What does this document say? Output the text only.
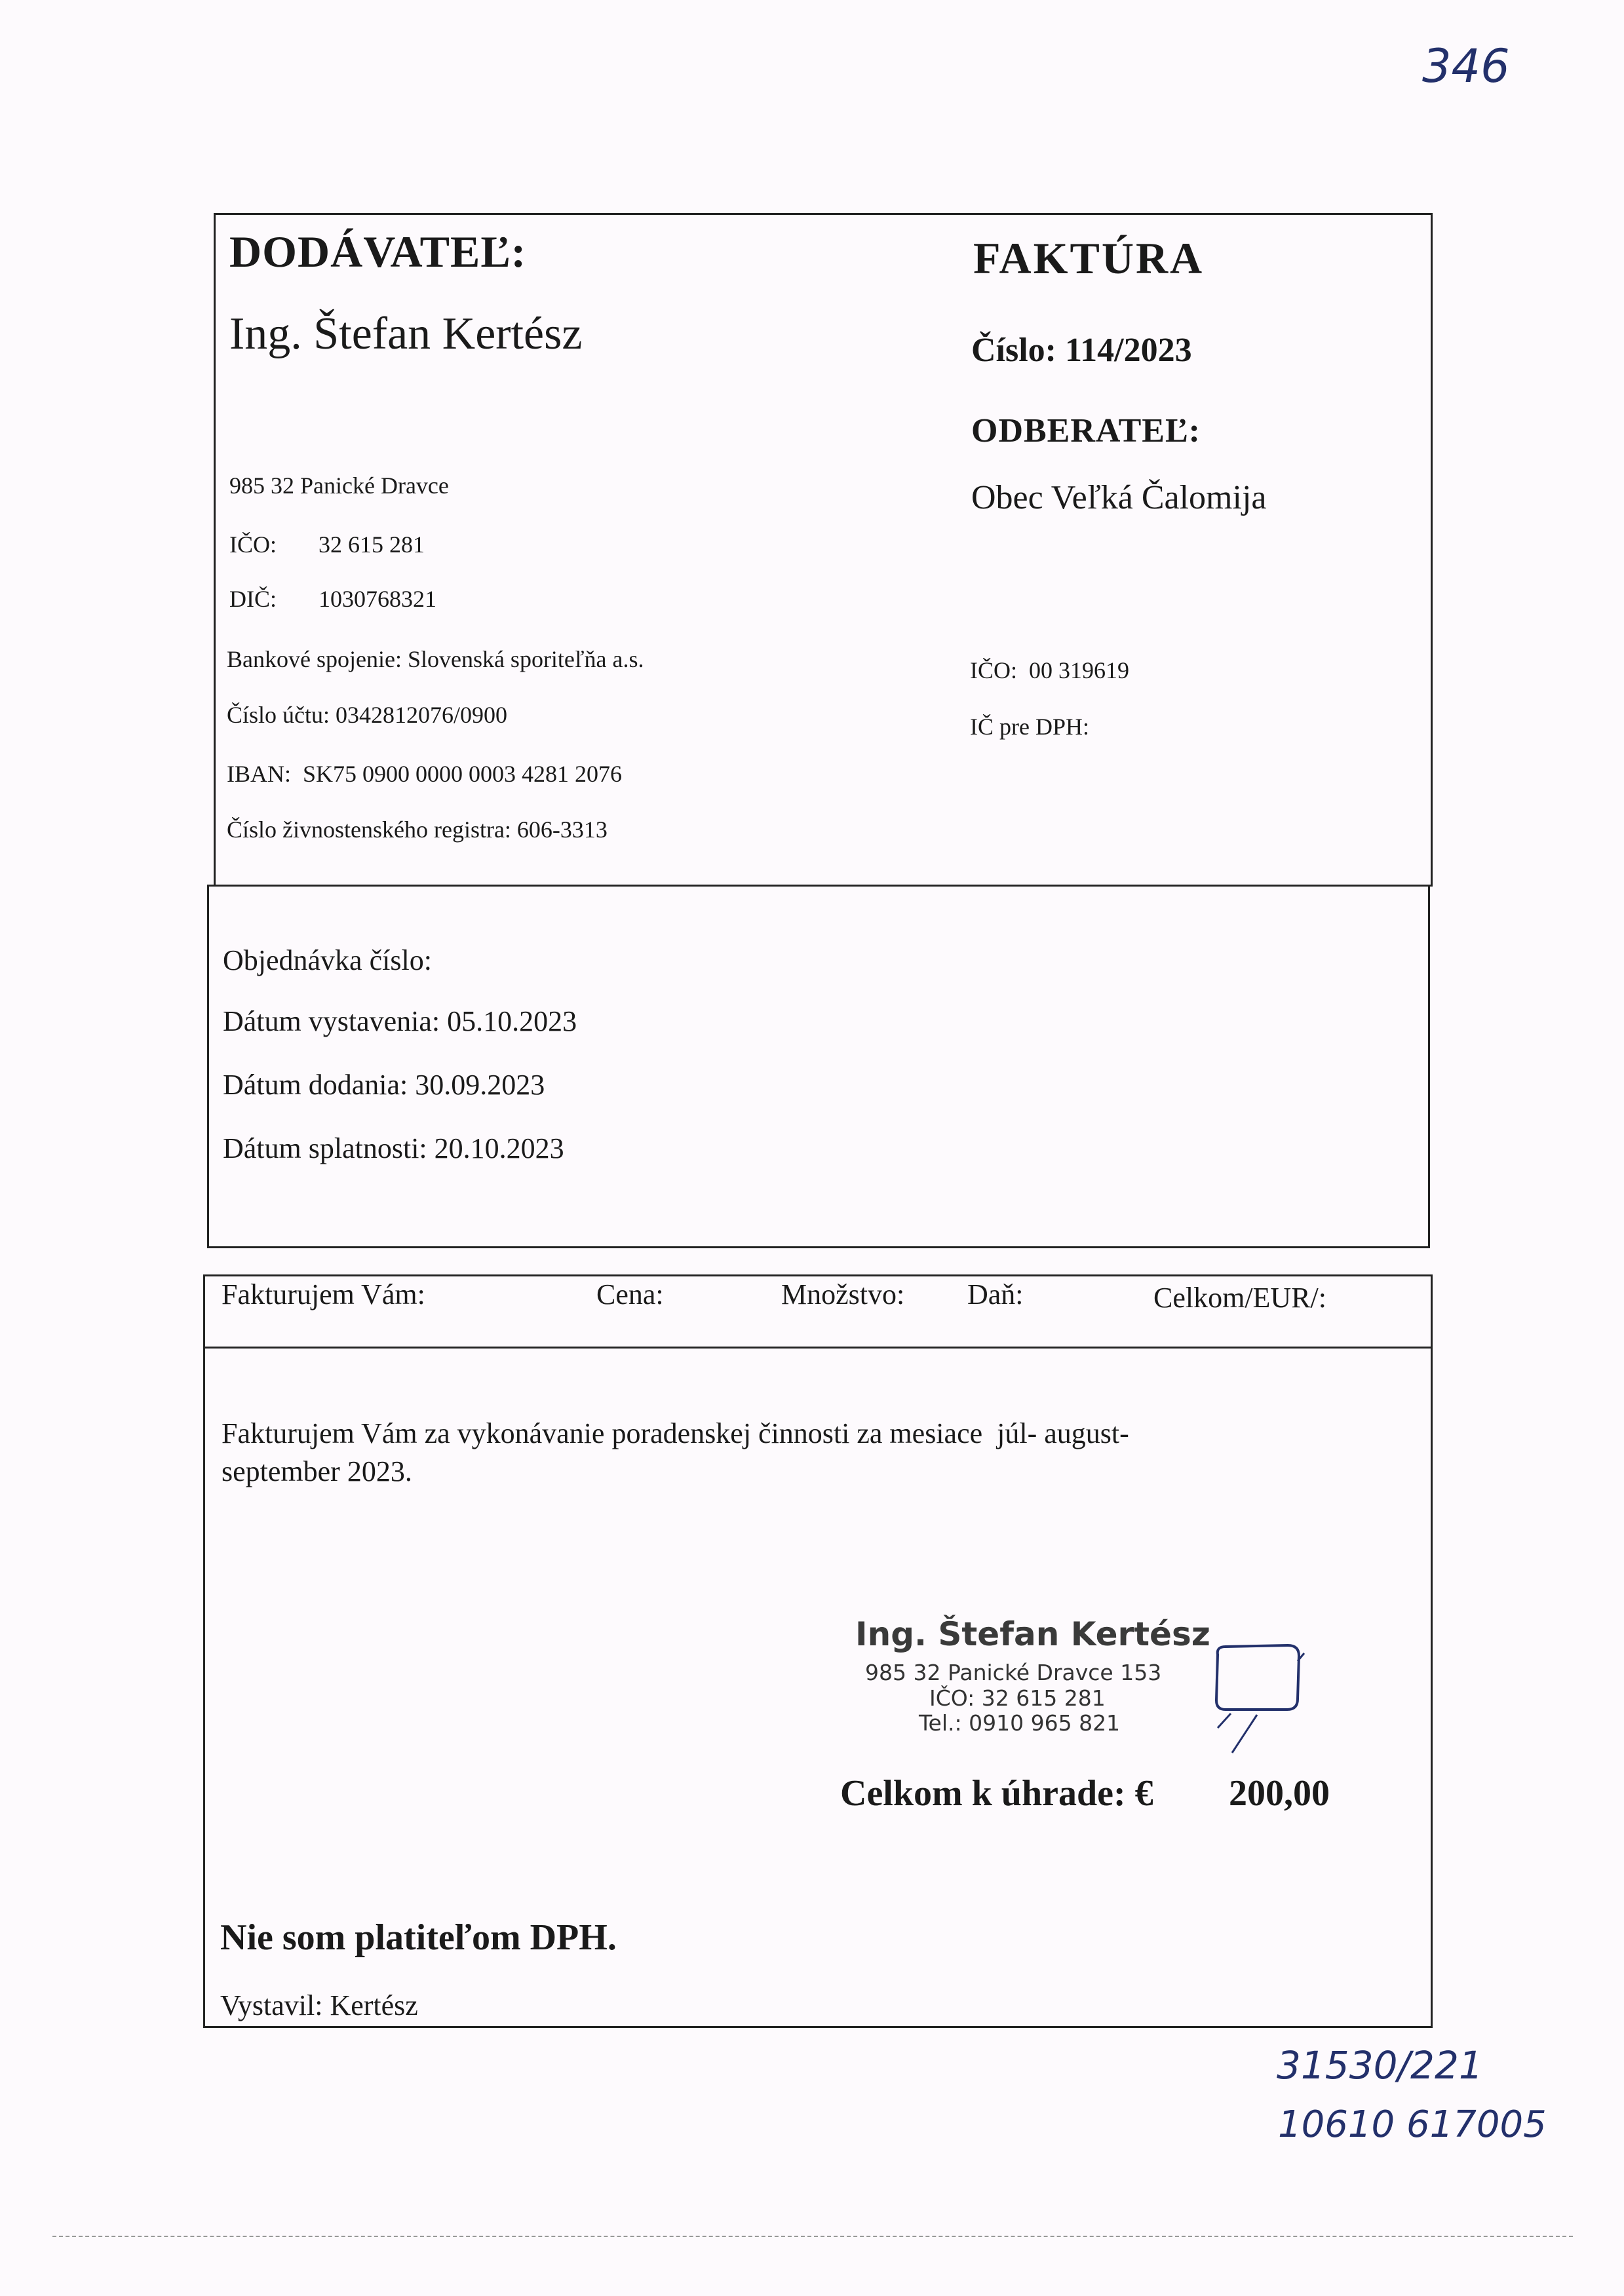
346
DODÁVATEĽ:
Ing. Štefan Kertész
985 32 Panické Dravce
IČO: 32 615 281
DIČ: 1030768321
Bankové spojenie: Slovenská sporiteľňa a.s.
Číslo účtu: 0342812076/0900
IBAN:  SK75 0900 0000 0003 4281 2076
Číslo živnostenského registra: 606-3313
FAKTÚRA
Číslo: 114/2023
ODBERATEĽ:
Obec Veľká Čalomija
IČO:  00 319619
IČ pre DPH:
Objednávka číslo:
Dátum vystavenia: 05.10.2023
Dátum dodania: 30.09.2023
Dátum splatnosti: 20.10.2023
Fakturujem Vám:	Cena:	Množstvo: Daň:	Celkom/EUR/:
Fakturujem Vám za vykonávanie poradenskej činnosti za mesiace  júl- august-
september 2023.
Ing. Štefan Kertész
985 32 Panické Dravce 153
IČO: 32 615 281
Tel.: 0910 965 821
Celkom k úhrade: € 200,00
Nie som platiteľom DPH.
Vystavil: Kertész
31530/221
10610 617005
